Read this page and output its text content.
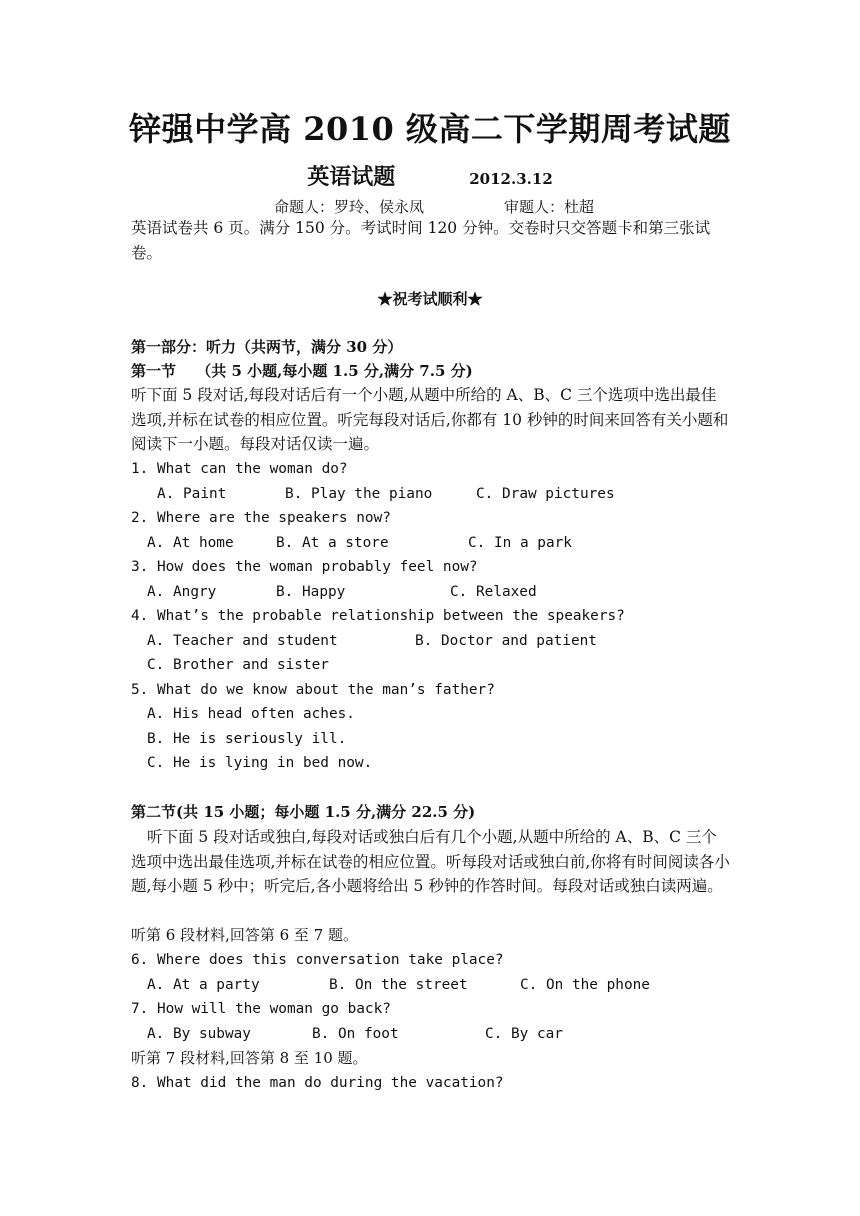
锌强中学高 2010 级高二下学期周考试题
英语试题	2012.3.12
命题人：罗玲、侯永凤	审题人：杜超
英语试卷共 6 页。满分 150 分。考试时间 120 分钟。交卷时只交答题卡和第三张试卷。
★祝考试顺利★
第一部分：听力（共两节，满分 30 分）
第一节　 （共 5 小题,每小题 1.5 分,满分 7.5 分)
听下面 5 段对话,每段对话后有一个小题,从题中所给的 A、B、C 三个选项中选出最佳选项,并标在试卷的相应位置。听完每段对话后,你都有 10 秒钟的时间来回答有关小题和阅读下一小题。每段对话仅读一遍。
1. What can the woman do?
A. Paint	B. Play the piano	C. Draw pictures
2. Where are the speakers now?
A. At home	B. At a store	C. In a park
3. How does the woman probably feel now?
A. Angry	B. Happy	C. Relaxed
4. What’s the probable relationship between the speakers?
A. Teacher and student	B. Doctor and patient
C. Brother and sister
5. What do we know about the man’s father?
A. His head often aches.
B. He is seriously ill.
C. He is lying in bed now.
第二节(共 15 小题；每小题 1.5 分,满分 22.5 分)
听下面 5 段对话或独白,每段对话或独白后有几个小题,从题中所给的 A、B、C 三个选项中选出最佳选项,并标在试卷的相应位置。听每段对话或独白前,你将有时间阅读各小题,每小题 5 秒中；听完后,各小题将给出 5 秒钟的作答时间。每段对话或独白读两遍。
听第 6 段材料,回答第 6 至 7 题。
6. Where does this conversation take place?
A. At a party	B. On the street	C. On the phone
7. How will the woman go back?
A. By subway	B. On foot	C. By car
听第 7 段材料,回答第 8 至 10 题。
8. What did the man do during the vacation?
